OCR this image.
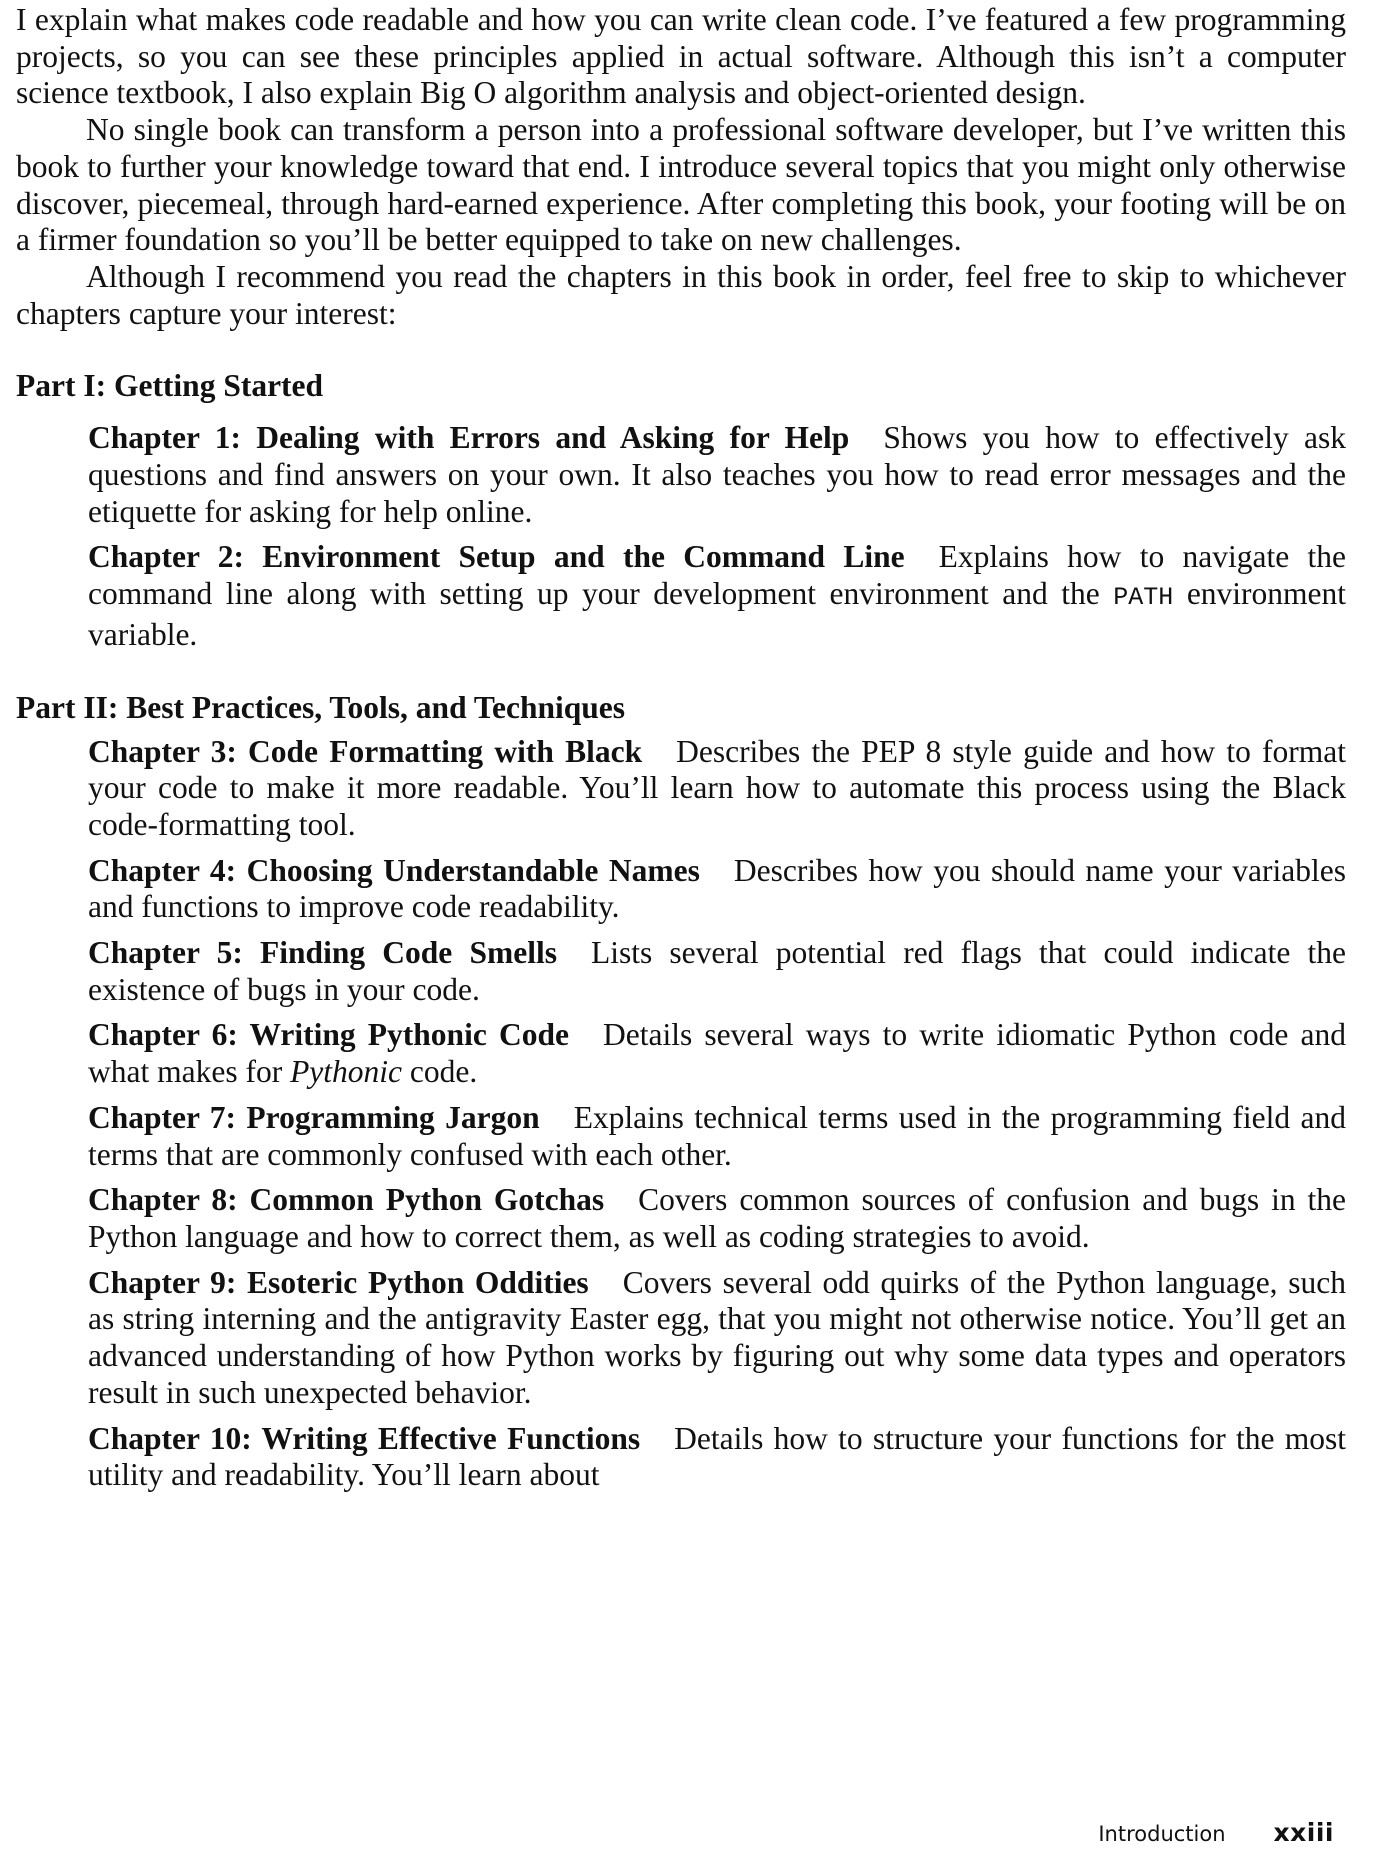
I explain what makes code readable and how you can write clean code. I’ve featured a few programming projects, so you can see these principles applied in actual software. Although this isn’t a computer science textbook, I also explain Big O algorithm analysis and object-oriented design.

No single book can transform a person into a professional software developer, but I’ve written this book to further your knowledge toward that end. I introduce several topics that you might only otherwise discover, piecemeal, through hard-earned experience. After completing this book, your footing will be on a firmer foundation so you’ll be better equipped to take on new challenges.

Although I recommend you read the chapters in this book in order, feel free to skip to whichever chapters capture your interest:

Part I: Getting Started

Chapter 1: Dealing with Errors and Asking for Help Shows you how to effectively ask questions and find answers on your own. It also teaches you how to read error messages and the etiquette for asking for help online.

Chapter 2: Environment Setup and the Command Line Explains how to navigate the command line along with setting up your development environment and the PATH environment variable.

Part II: Best Practices, Tools, and Techniques

Chapter 3: Code Formatting with Black Describes the PEP 8 style guide and how to format your code to make it more readable. You’ll learn how to automate this process using the Black code-formatting tool.

Chapter 4: Choosing Understandable Names Describes how you should name your variables and functions to improve code readability.

Chapter 5: Finding Code Smells Lists several potential red flags that could indicate the existence of bugs in your code.

Chapter 6: Writing Pythonic Code Details several ways to write idiomatic Python code and what makes for Pythonic code.

Chapter 7: Programming Jargon Explains technical terms used in the programming field and terms that are commonly confused with each other.

Chapter 8: Common Python Gotchas Covers common sources of confusion and bugs in the Python language and how to correct them, as well as coding strategies to avoid.

Chapter 9: Esoteric Python Oddities Covers several odd quirks of the Python language, such as string interning and the antigravity Easter egg, that you might not otherwise notice. You’ll get an advanced understanding of how Python works by figuring out why some data types and operators result in such unexpected behavior.

Chapter 10: Writing Effective Functions Details how to structure your functions for the most utility and readability. You’ll learn about

Introduction xxiii
